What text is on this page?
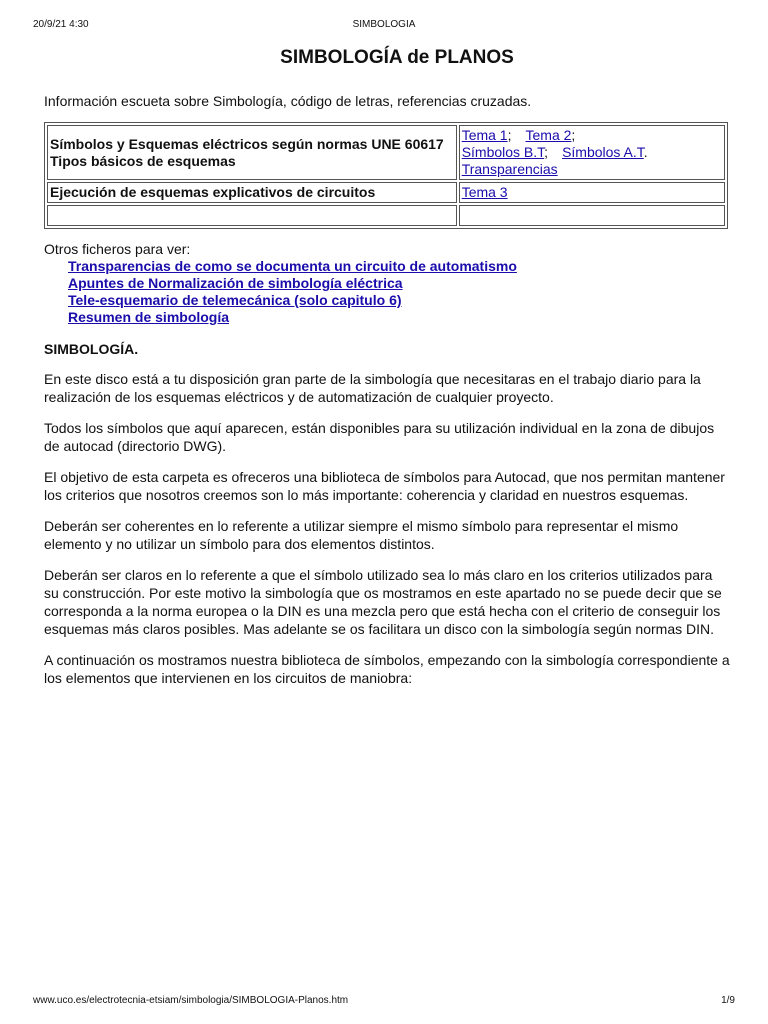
20/9/21 4:30	SIMBOLOGIA
SIMBOLOGÍA de PLANOS

Información escueta sobre Simbología, código de letras, referencias cruzadas.

Símbolos y Esquemas eléctricos según normas UNE 60617
Tipos básicos de esquemas	Tema 1; Tema 2;
Símbolos B.T; Símbolos A.T.
Transparencias
Ejecución de esquemas explicativos de circuitos	Tema 3

Otros ficheros para ver:
Transparencias de como se documenta un circuito de automatismo
Apuntes de Normalización de simbología eléctrica
Tele-esquemario de telemecánica (solo capitulo 6)
Resumen de simbología
SIMBOLOGÍA.

En este disco está a tu disposición gran parte de la simbología que necesitaras en el trabajo diario para la realización de los esquemas eléctricos y de automatización de cualquier proyecto.

Todos los símbolos que aquí aparecen, están disponibles para su utilización individual en la zona de dibujos de autocad (directorio DWG).

El objetivo de esta carpeta es ofreceros una biblioteca de símbolos para Autocad, que nos permitan mantener los criterios que nosotros creemos son lo más importante: coherencia y claridad en nuestros esquemas.

Deberán ser coherentes en lo referente a utilizar siempre el mismo símbolo para representar el mismo elemento y no utilizar un símbolo para dos elementos distintos.

Deberán ser claros en lo referente a que el símbolo utilizado sea lo más claro en los criterios utilizados para su construcción. Por este motivo la simbología que os mostramos en este apartado no se puede decir que se corresponda a la norma europea o la DIN es una mezcla pero que está hecha con el criterio de conseguir los esquemas más claros posibles. Mas adelante se os facilitara un disco con la simbología según normas DIN.

A continuación os mostramos nuestra biblioteca de símbolos, empezando con la simbología correspondiente a los elementos que intervienen en los circuitos de maniobra:

www.uco.es/electrotecnia-etsiam/simbologia/SIMBOLOGIA-Planos.htm	1/9
